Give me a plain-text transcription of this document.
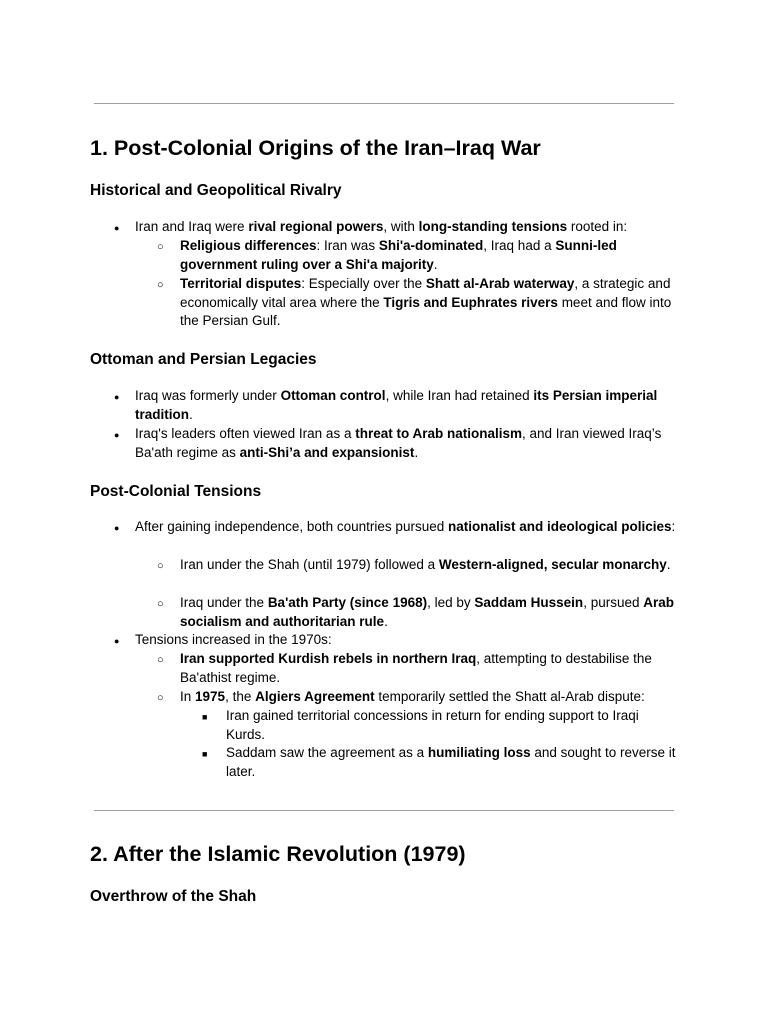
1. Post-Colonial Origins of the Iran–Iraq War
Historical and Geopolitical Rivalry
●
Iran and Iraq were rival regional powers, with long-standing tensions rooted in:
○
Religious differences: Iran was Shi'a-dominated, Iraq had a Sunni-led government ruling over a Shi'a majority.
○
Territorial disputes: Especially over the Shatt al-Arab waterway, a strategic and economically vital area where the Tigris and Euphrates rivers meet and flow into the Persian Gulf.
Ottoman and Persian Legacies
●
Iraq was formerly under Ottoman control, while Iran had retained its Persian imperial tradition.
●
Iraq's leaders often viewed Iran as a threat to Arab nationalism, and Iran viewed Iraq’s Ba'ath regime as anti-Shi’a and expansionist.
Post-Colonial Tensions
●
After gaining independence, both countries pursued nationalist and ideological policies:
○
Iran under the Shah (until 1979) followed a Western-aligned, secular monarchy.
○
Iraq under the Ba'ath Party (since 1968), led by Saddam Hussein, pursued Arab socialism and authoritarian rule.
●
Tensions increased in the 1970s:
○
Iran supported Kurdish rebels in northern Iraq, attempting to destabilise the Ba'athist regime.
○
In 1975, the Algiers Agreement temporarily settled the Shatt al-Arab dispute:
■
Iran gained territorial concessions in return for ending support to Iraqi Kurds.
■
Saddam saw the agreement as a humiliating loss and sought to reverse it later.
2. After the Islamic Revolution (1979)
Overthrow of the Shah
